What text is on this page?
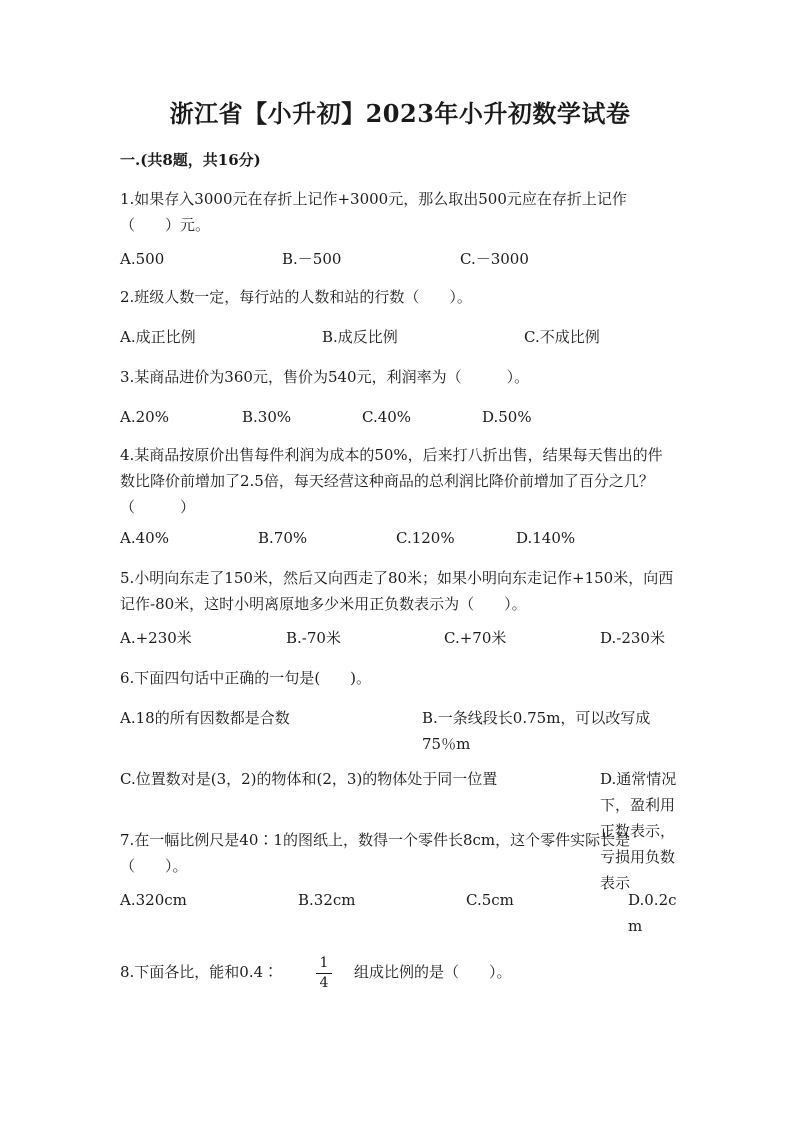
浙江省【小升初】2023年小升初数学试卷
一.(共8题，共16分)
1.如果存入3000元在存折上记作+3000元，那么取出500元应在存折上记作（　　）元。
A.500	B.－500	C.－3000
2.班级人数一定，每行站的人数和站的行数（　　）。
A.成正比例	B.成反比例	C.不成比例
3.某商品进价为360元，售价为540元，利润率为（　　　）。
A.20%	B.30%	C.40%	D.50%
4.某商品按原价出售每件利润为成本的50%，后来打八折出售，结果每天售出的件数比降价前增加了2.5倍，每天经营这种商品的总利润比降价前增加了百分之几？（　　　）
A.40%	B.70%	C.120%	D.140%
5.小明向东走了150米，然后又向西走了80米；如果小明向东走记作+150米，向西记作-80米，这时小明离原地多少米用正负数表示为（　　）。
A.+230米	B.-70米	C.+70米	D.-230米
6.下面四句话中正确的一句是(　　)。
A.18的所有因数都是合数	B.一条线段长0.75m，可以改写成75％m
C.位置数对是(3，2)的物体和(2，3)的物体处于同一位置	D.通常情况下，盈利用正数表示，亏损用负数表示
7.在一幅比例尺是40∶1的图纸上，数得一个零件长8cm，这个零件实际长是（　　）。
A.320cm	B.32cm	C.5cm	D.0.2cm
8.下面各比，能和0.4∶	1
4
组成比例的是（　　）。
